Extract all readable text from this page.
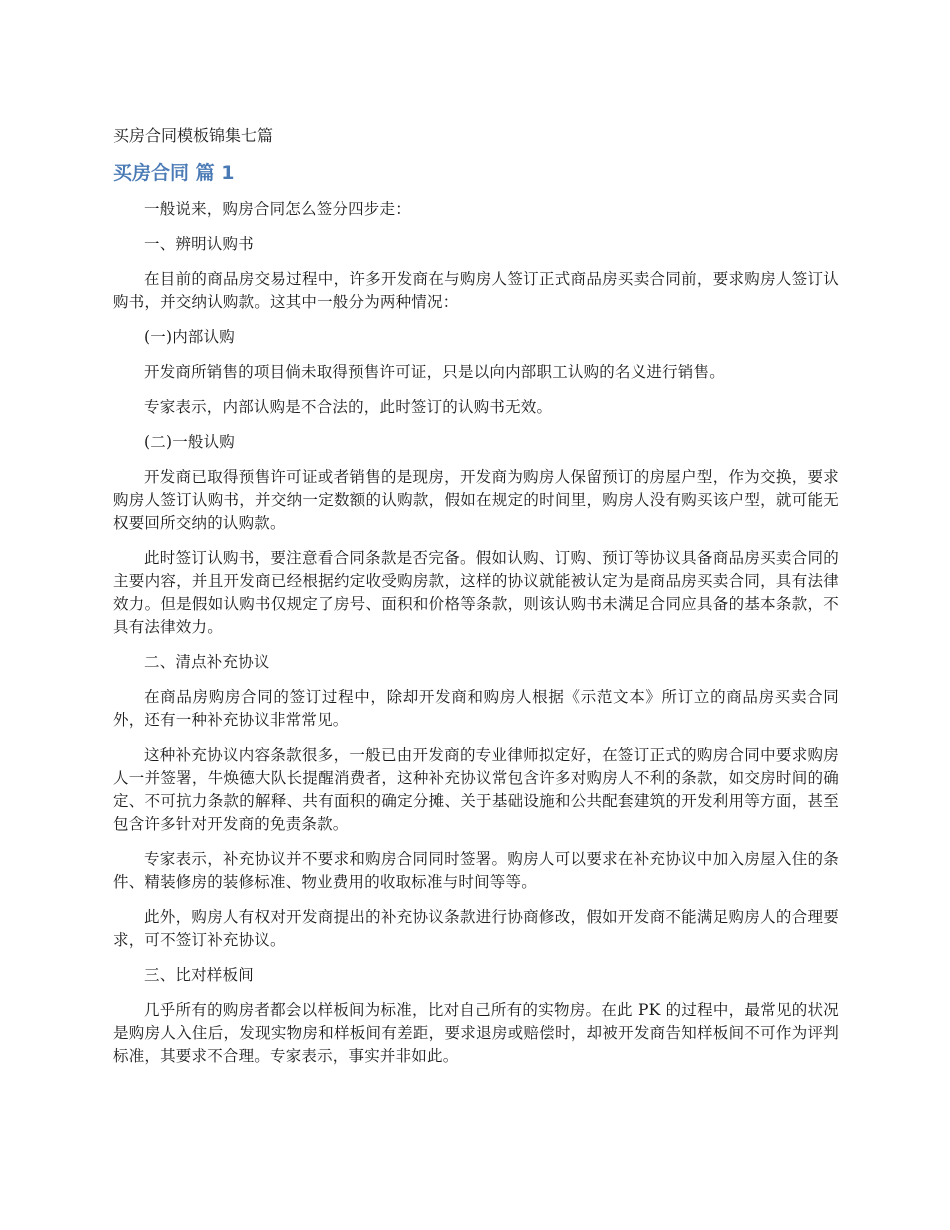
买房合同模板锦集七篇
买房合同 篇 1

一般说来，购房合同怎么签分四步走：

一、辨明认购书

在目前的商品房交易过程中，许多开发商在与购房人签订正式商品房买卖合同前，要求购房人签订认购书，并交纳认购款。这其中一般分为两种情况：

(一)内部认购

开发商所销售的项目倘未取得预售许可证，只是以向内部职工认购的名义进行销售。

专家表示，内部认购是不合法的，此时签订的认购书无效。

(二)一般认购

开发商已取得预售许可证或者销售的是现房，开发商为购房人保留预订的房屋户型，作为交换，要求购房人签订认购书，并交纳一定数额的认购款，假如在规定的时间里，购房人没有购买该户型，就可能无权要回所交纳的认购款。

此时签订认购书，要注意看合同条款是否完备。假如认购、订购、预订等协议具备商品房买卖合同的主要内容，并且开发商已经根据约定收受购房款，这样的协议就能被认定为是商品房买卖合同，具有法律效力。但是假如认购书仅规定了房号、面积和价格等条款，则该认购书未满足合同应具备的基本条款，不具有法律效力。

二、清点补充协议

在商品房购房合同的签订过程中，除却开发商和购房人根据《示范文本》所订立的商品房买卖合同外，还有一种补充协议非常常见。

这种补充协议内容条款很多，一般已由开发商的专业律师拟定好，在签订正式的购房合同中要求购房人一并签署，牛焕德大队长提醒消费者，这种补充协议常包含许多对购房人不利的条款，如交房时间的确定、不可抗力条款的解释、共有面积的确定分摊、关于基础设施和公共配套建筑的开发利用等方面，甚至包含许多针对开发商的免责条款。

专家表示，补充协议并不要求和购房合同同时签署。购房人可以要求在补充协议中加入房屋入住的条件、精装修房的装修标准、物业费用的收取标准与时间等等。

此外，购房人有权对开发商提出的补充协议条款进行协商修改，假如开发商不能满足购房人的合理要求，可不签订补充协议。

三、比对样板间

几乎所有的购房者都会以样板间为标准，比对自己所有的实物房。在此 PK 的过程中，最常见的状况是购房人入住后，发现实物房和样板间有差距，要求退房或赔偿时，却被开发商告知样板间不可作为评判标准，其要求不合理。专家表示，事实并非如此。
